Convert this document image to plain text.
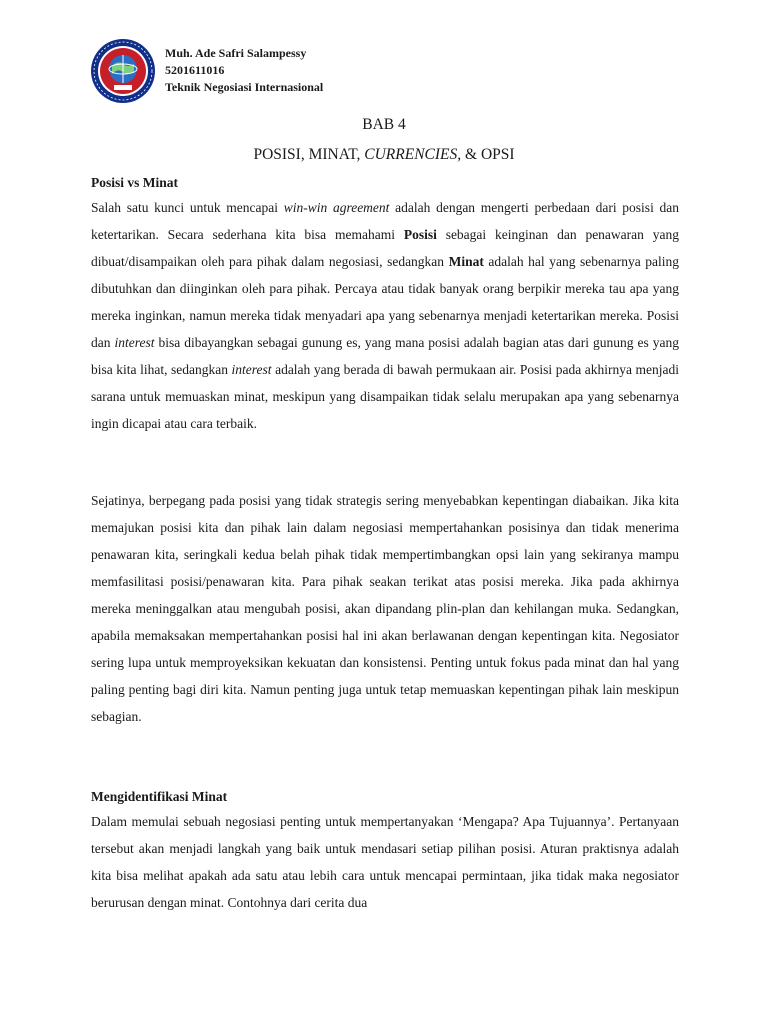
Muh. Ade Safri Salampessy
5201611016
Teknik Negosiasi Internasional
BAB 4
POSISI, MINAT, CURRENCIES, & OPSI
Posisi vs Minat

Salah satu kunci untuk mencapai win-win agreement adalah dengan mengerti perbedaan dari posisi dan ketertarikan. Secara sederhana kita bisa memahami Posisi sebagai keinginan dan penawaran yang dibuat/disampaikan oleh para pihak dalam negosiasi, sedangkan Minat adalah hal yang sebenarnya paling dibutuhkan dan diinginkan oleh para pihak. Percaya atau tidak banyak orang berpikir mereka tau apa yang mereka inginkan, namun mereka tidak menyadari apa yang sebenarnya menjadi ketertarikan mereka. Posisi dan interest bisa dibayangkan sebagai gunung es, yang mana posisi adalah bagian atas dari gunung es yang bisa kita lihat, sedangkan interest adalah yang berada di bawah permukaan air. Posisi pada akhirnya menjadi sarana untuk memuaskan minat, meskipun yang disampaikan tidak selalu merupakan apa yang sebenarnya ingin dicapai atau cara terbaik.

Sejatinya, berpegang pada posisi yang tidak strategis sering menyebabkan kepentingan diabaikan. Jika kita memajukan posisi kita dan pihak lain dalam negosiasi mempertahankan posisinya dan tidak menerima penawaran kita, seringkali kedua belah pihak tidak mempertimbangkan opsi lain yang sekiranya mampu memfasilitasi posisi/penawaran kita. Para pihak seakan terikat atas posisi mereka. Jika pada akhirnya mereka meninggalkan atau mengubah posisi, akan dipandang plin-plan dan kehilangan muka. Sedangkan, apabila memaksakan mempertahankan posisi hal ini akan berlawanan dengan kepentingan kita. Negosiator sering lupa untuk memproyeksikan kekuatan dan konsistensi. Penting untuk fokus pada minat dan hal yang paling penting bagi diri kita. Namun penting juga untuk tetap memuaskan kepentingan pihak lain meskipun sebagian.

Mengidentifikasi Minat

Dalam memulai sebuah negosiasi penting untuk mempertanyakan ‘Mengapa? Apa Tujuannya’. Pertanyaan tersebut akan menjadi langkah yang baik untuk mendasari setiap pilihan posisi. Aturan praktisnya adalah kita bisa melihat apakah ada satu atau lebih cara untuk mencapai permintaan, jika tidak maka negosiator berurusan dengan minat. Contohnya dari cerita dua
